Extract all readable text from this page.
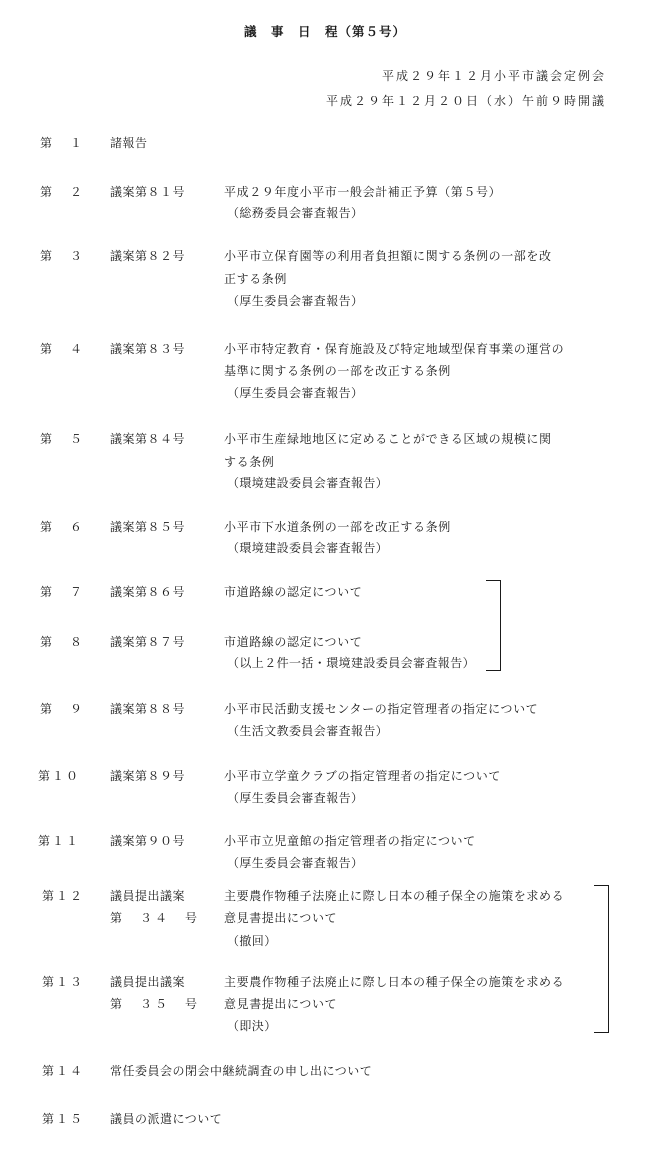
議　事　日　程（第５号）
平成２９年１２月小平市議会定例会
平成２９年１２月２０日（水）午前９時開議
第　１ 諸報告
第　２ 議案第８１号	平成２９年度小平市一般会計補正予算（第５号）
（総務委員会審査報告）
第　３ 議案第８２号	小平市立保育園等の利用者負担額に関する条例の一部を改
正する条例
（厚生委員会審査報告）
第　４ 議案第８３号	小平市特定教育・保育施設及び特定地域型保育事業の運営の
基準に関する条例の一部を改正する条例
（厚生委員会審査報告）
第　５ 議案第８４号	小平市生産緑地地区に定めることができる区域の規模に関
する条例
（環境建設委員会審査報告）
第　６ 議案第８５号	小平市下水道条例の一部を改正する条例
（環境建設委員会審査報告）
第　７ 議案第８６号	市道路線の認定について
第　８ 議案第８７号	市道路線の認定について
（以上２件一括・環境建設委員会審査報告）
第　９ 議案第８８号	小平市民活動支援センターの指定管理者の指定について
（生活文教委員会審査報告）
第１０ 議案第８９号	小平市立学童クラブの指定管理者の指定について
（厚生委員会審査報告）
第１１ 議案第９０号	小平市立児童館の指定管理者の指定について
（厚生委員会審査報告）
第１２ 議員提出議案
第　３４　号
主要農作物種子法廃止に際し日本の種子保全の施策を求める
意見書提出について
（撤回）
第１３ 議員提出議案
第　３５　号
主要農作物種子法廃止に際し日本の種子保全の施策を求める
意見書提出について
（即決）
第１４ 常任委員会の閉会中継続調査の申し出について
第１５ 議員の派遣について
